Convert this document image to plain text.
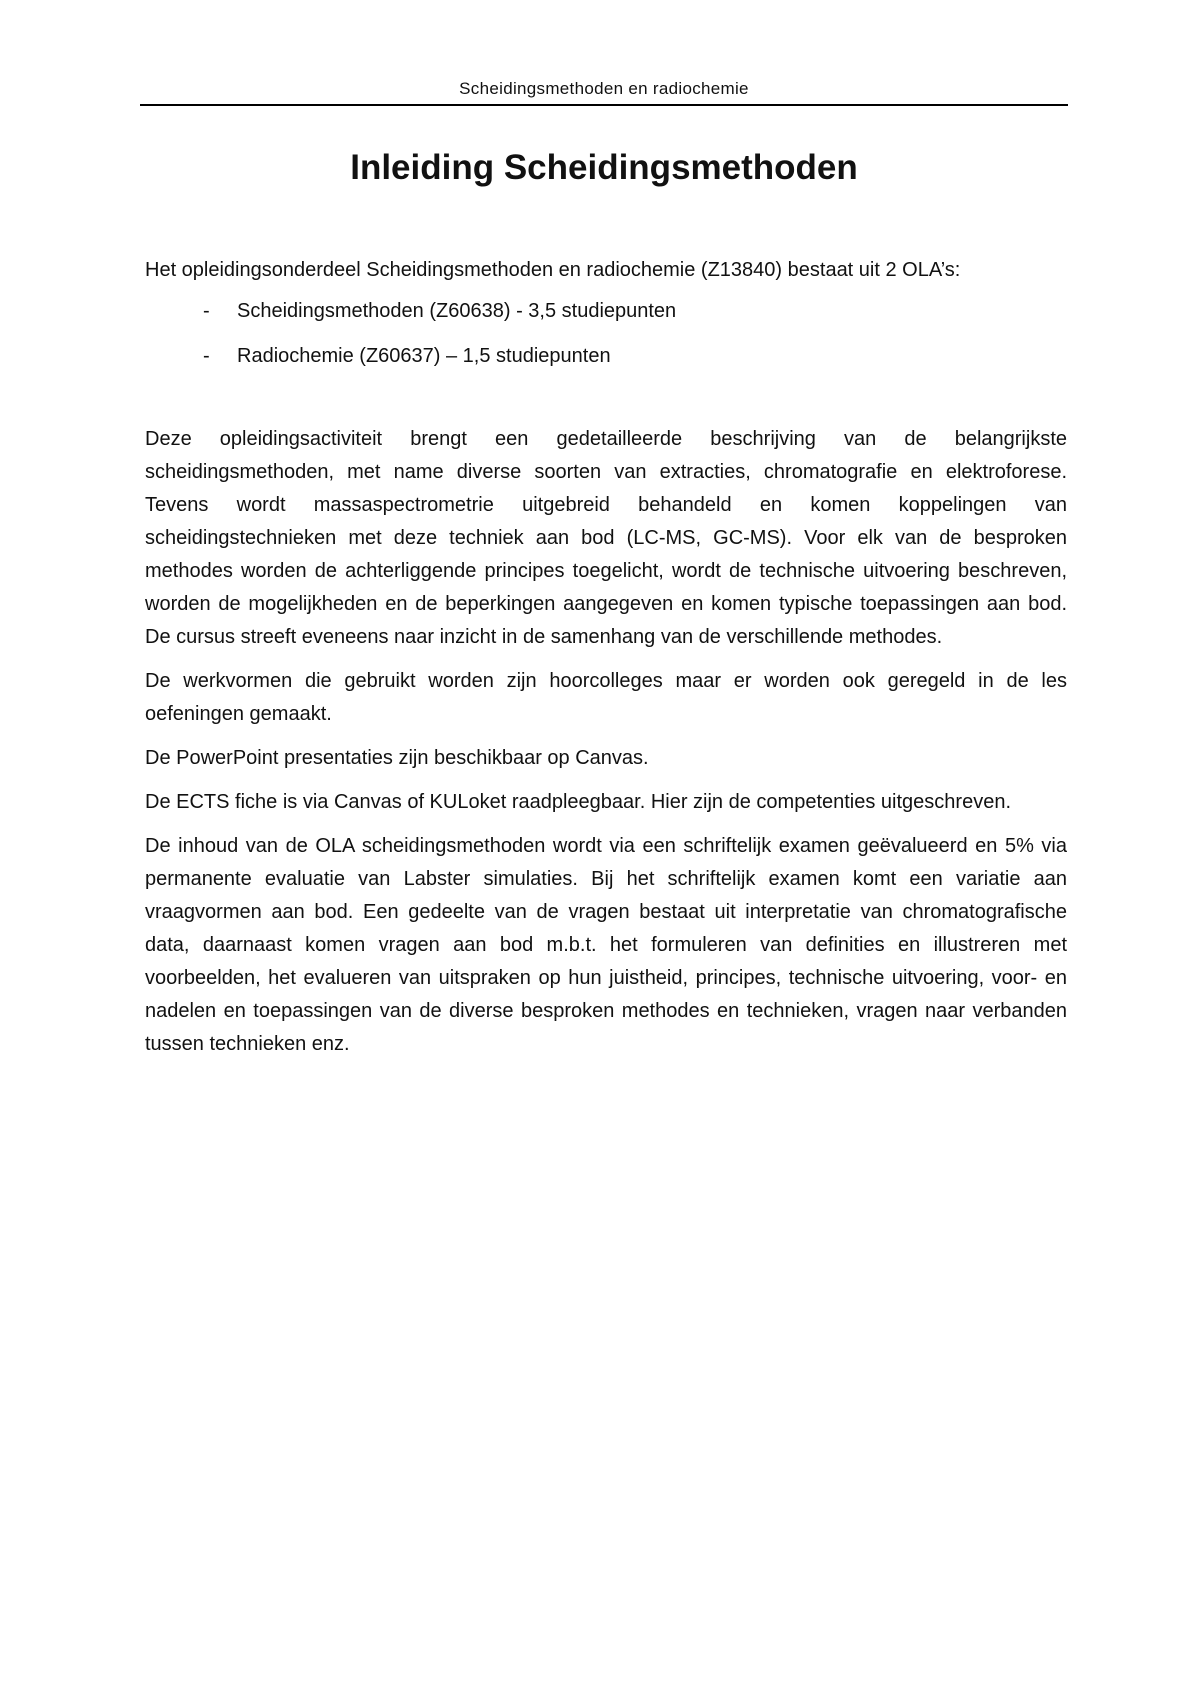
Scheidingsmethoden en radiochemie
Inleiding Scheidingsmethoden

Het opleidingsonderdeel Scheidingsmethoden en radiochemie (Z13840) bestaat uit 2 OLA’s:

- Scheidingsmethoden (Z60638) - 3,5 studiepunten
- Radiochemie (Z60637) – 1,5 studiepunten

Deze opleidingsactiviteit brengt een gedetailleerde beschrijving van de belangrijkste scheidingsmethoden, met name diverse soorten van extracties, chromatografie en elektroforese. Tevens wordt massaspectrometrie uitgebreid behandeld en komen koppelingen van scheidingstechnieken met deze techniek aan bod (LC-MS, GC-MS). Voor elk van de besproken methodes worden de achterliggende principes toegelicht, wordt de technische uitvoering beschreven, worden de mogelijkheden en de beperkingen aangegeven en komen typische toepassingen aan bod. De cursus streeft eveneens naar inzicht in de samenhang van de verschillende methodes.

De werkvormen die gebruikt worden zijn hoorcolleges maar er worden ook geregeld in de les oefeningen gemaakt.

De PowerPoint presentaties zijn beschikbaar op Canvas.

De ECTS fiche is via Canvas of KULoket raadpleegbaar. Hier zijn de competenties uitgeschreven.

De inhoud van de OLA scheidingsmethoden wordt via een schriftelijk examen geëvalueerd en 5% via permanente evaluatie van Labster simulaties. Bij het schriftelijk examen komt een variatie aan vraagvormen aan bod. Een gedeelte van de vragen bestaat uit interpretatie van chromatografische data, daarnaast komen vragen aan bod m.b.t. het formuleren van definities en illustreren met voorbeelden, het evalueren van uitspraken op hun juistheid, principes, technische uitvoering, voor- en nadelen en toepassingen van de diverse besproken methodes en technieken, vragen naar verbanden tussen technieken enz.
